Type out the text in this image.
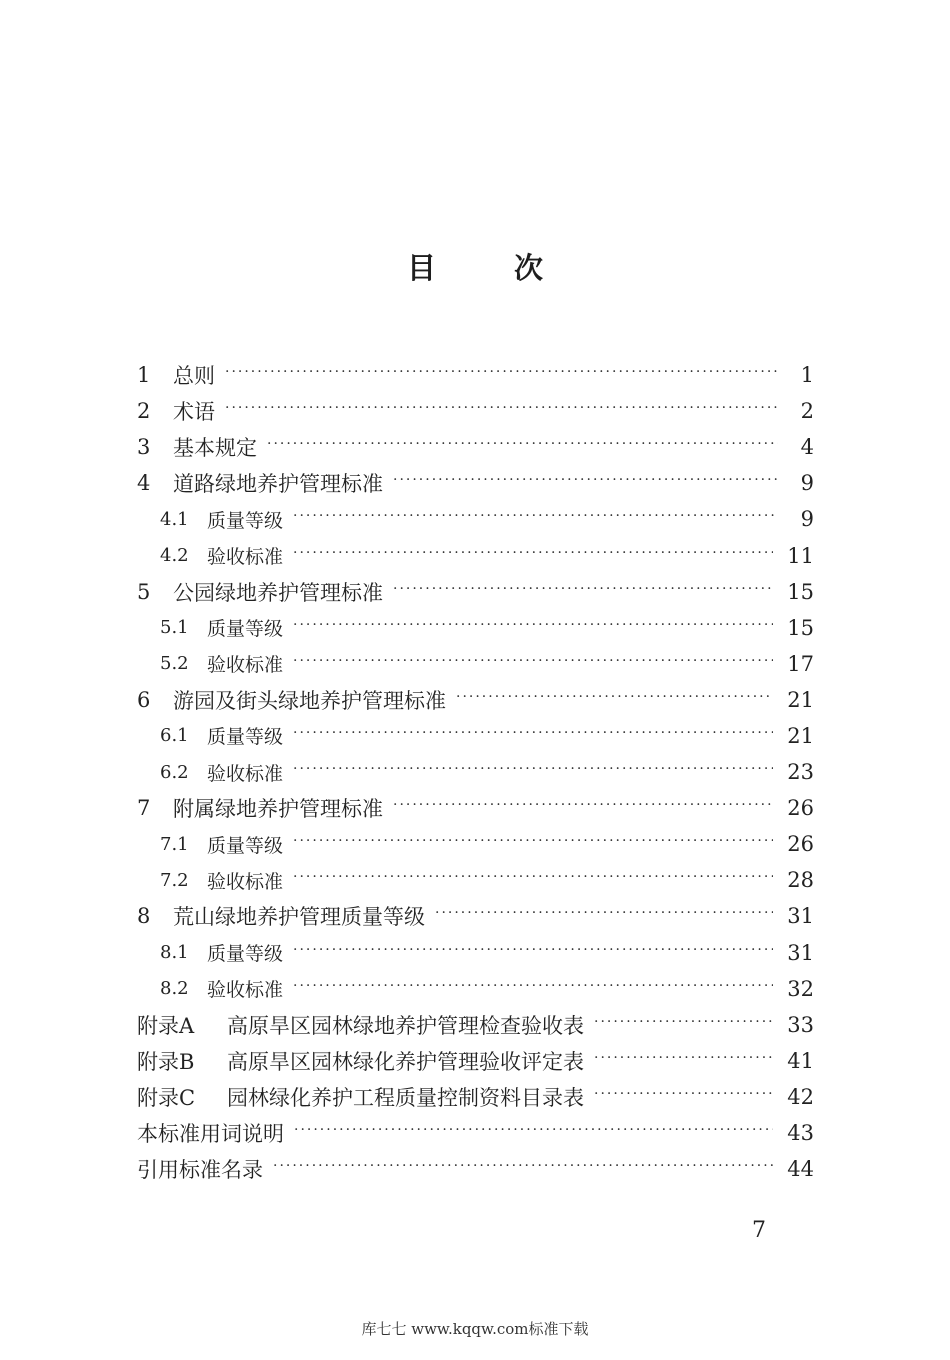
目 次
1	总则 ·····	1
2	术语 ·····	2
3	基本规定 ·····	4
4	道路绿地养护管理标准 ·····	9
4.1 质量等级 ·····	9
4.2 验收标准 ·····	11
5	公园绿地养护管理标准 ·····	15
5.1 质量等级 ·····	15
5.2 验收标准 ·····	17
6	游园及街头绿地养护管理标准 ·····	21
6.1 质量等级 ·····	21
6.2 验收标准 ·····	23
7	附属绿地养护管理标准 ·····	26
7.1 质量等级 ·····	26
7.2 验收标准 ·····	28
8	荒山绿地养护管理质量等级 ·····	31
8.1 质量等级 ·····	31
8.2 验收标准 ·····	32
附录A	高原旱区园林绿地养护管理检查验收表 ·····	33
附录B	高原旱区园林绿化养护管理验收评定表 ·····	41
附录C	园林绿化养护工程质量控制资料目录表 ·····	42
本标准用词说明 ·····	43
引用标准名录 ·····	44
7
库七七 www.kqqw.com标准下载
